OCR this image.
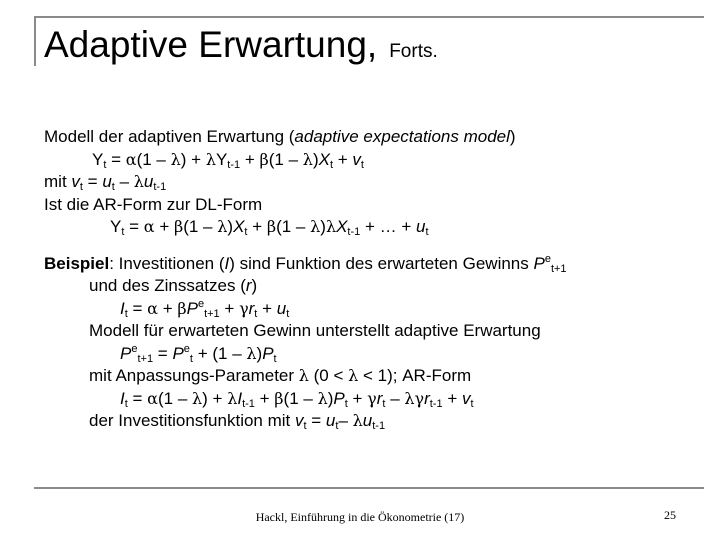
Adaptive Erwartung, Forts.
Modell der adaptiven Erwartung (adaptive expectations model)
$Y_t = \alpha(1 - \lambda) + \lambda Y_{t-1} + \beta(1 - \lambda)X_t + v_t$
mit $v_t = u_t - \lambda u_{t-1}$
Ist die AR-Form zur DL-Form
$Y_t = \alpha + \beta(1 - \lambda)X_t + \beta(1 - \lambda)\lambda X_{t-1}$ + … + $u_t$
Beispiel: Investitionen (I) sind Funktion des erwarteten Gewinns $P^e_{t+1}$
und des Zinssatzes (r)
$I_t = \alpha + \beta P^e_{t+1} + \gamma r_t + u_t$
Modell für erwarteten Gewinn unterstellt adaptive Erwartung
$P^e_{t+1} = P^e_t + (1 - \lambda)P_t$
mit Anpassungs-Parameter λ (0 < λ < 1); AR-Form
$I_t = \alpha(1 - \lambda) + \lambda I_{t-1} + \beta(1 - \lambda)P_t + \gamma r_t - \lambda\gamma r_{t-1} + v_t$
der Investitionsfunktion mit $v_t = u_t-$ $\lambda u_{t-1}$
Hackl, Einführung in die Ökonometrie (17)	25
